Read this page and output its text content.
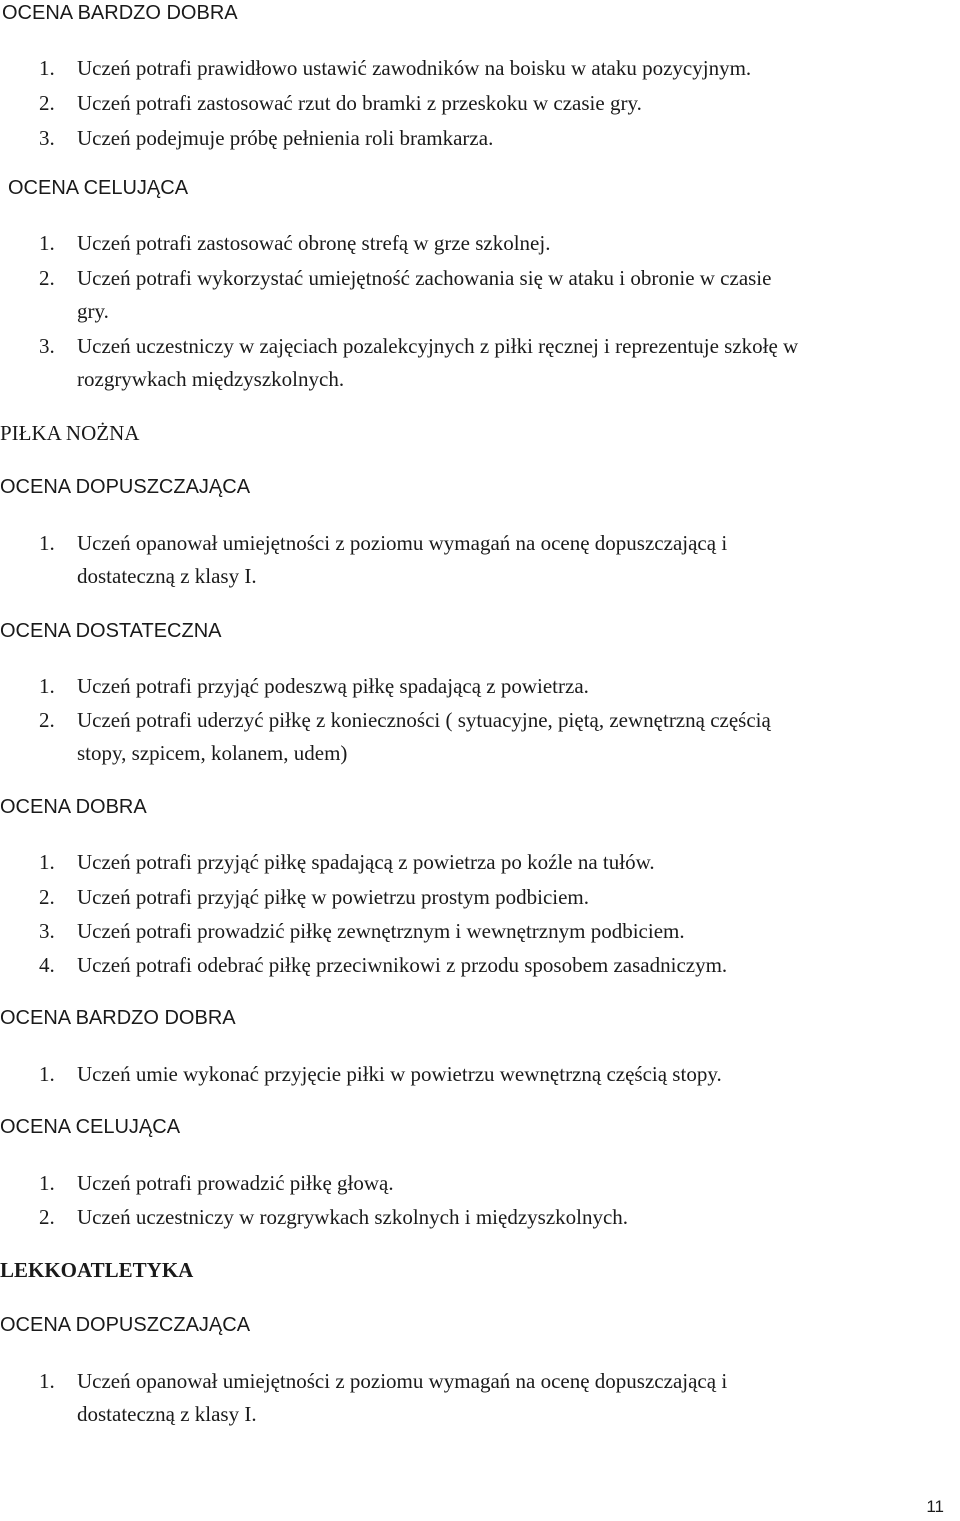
OCENA BARDZO DOBRA
1. Uczeń potrafi prawidłowo ustawić zawodników na boisku w ataku pozycyjnym.
2. Uczeń potrafi zastosować rzut do bramki z przeskoku w czasie gry.
3. Uczeń podejmuje próbę pełnienia roli bramkarza.
OCENA CELUJĄCA
1. Uczeń potrafi zastosować obronę strefą w grze szkolnej.
2. Uczeń potrafi wykorzystać umiejętność zachowania się w ataku i obronie w czasie
gry.
3. Uczeń uczestniczy w zajęciach pozalekcyjnych z piłki ręcznej i reprezentuje szkołę w
rozgrywkach międzyszkolnych.
PIŁKA NOŻNA
OCENA DOPUSZCZAJĄCA
1. Uczeń opanował umiejętności z poziomu wymagań na ocenę dopuszczającą i
dostateczną z klasy I.
OCENA DOSTATECZNA
1. Uczeń potrafi przyjąć podeszwą piłkę spadającą z powietrza.
2. Uczeń potrafi uderzyć piłkę z konieczności ( sytuacyjne, piętą, zewnętrzną częścią
stopy, szpicem, kolanem, udem)
OCENA DOBRA
1. Uczeń potrafi przyjąć piłkę spadającą z powietrza po koźle na tułów.
2. Uczeń potrafi przyjąć piłkę w powietrzu prostym podbiciem.
3. Uczeń potrafi prowadzić piłkę zewnętrznym i wewnętrznym podbiciem.
4. Uczeń potrafi odebrać piłkę przeciwnikowi z przodu sposobem zasadniczym.
OCENA BARDZO DOBRA
1. Uczeń umie wykonać przyjęcie piłki w powietrzu wewnętrzną częścią stopy.
OCENA CELUJĄCA
1. Uczeń potrafi prowadzić piłkę głową.
2. Uczeń uczestniczy w rozgrywkach szkolnych i międzyszkolnych.
LEKKOATLETYKA
OCENA DOPUSZCZAJĄCA
1. Uczeń opanował umiejętności z poziomu wymagań na ocenę dopuszczającą i
dostateczną z klasy I.
11
